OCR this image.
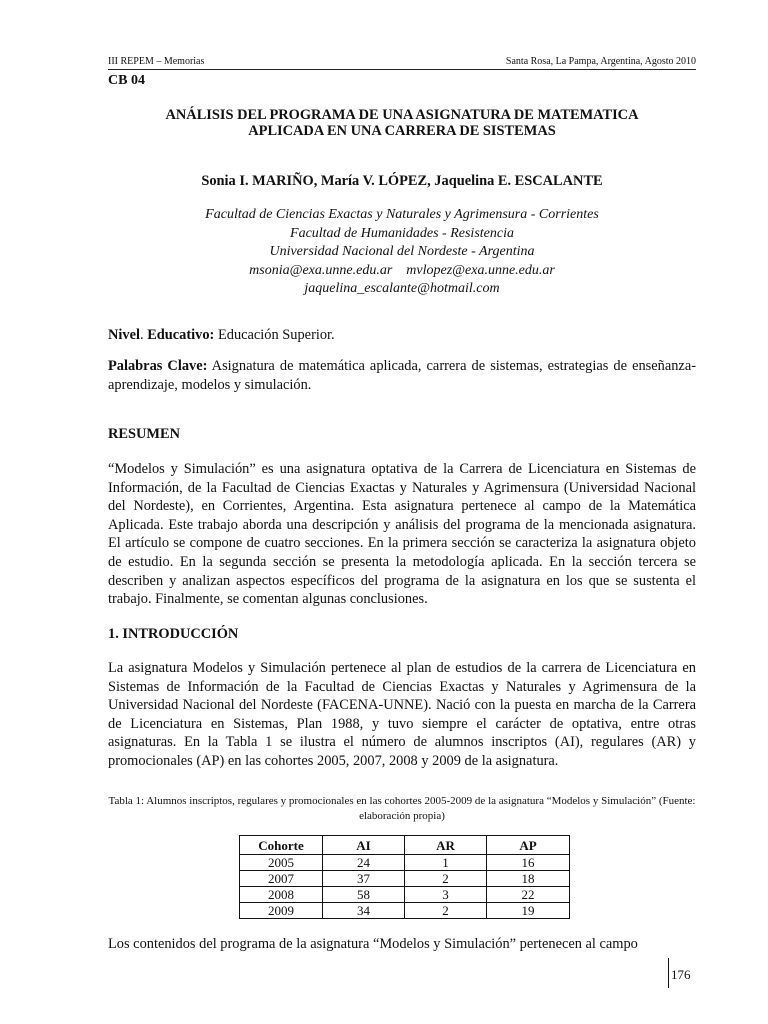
III REPEM – Memorias	Santa Rosa, La Pampa, Argentina, Agosto 2010
CB 04
ANÁLISIS DEL PROGRAMA DE UNA ASIGNATURA DE MATEMATICA
APLICADA EN UNA CARRERA DE SISTEMAS
Sonia I. MARIÑO, María V. LÓPEZ, Jaquelina E. ESCALANTE
Facultad de Ciencias Exactas y Naturales y Agrimensura - Corrientes
Facultad de Humanidades - Resistencia
Universidad Nacional del Nordeste - Argentina
msonia@exa.unne.edu.ar    mvlopez@exa.unne.edu.ar
jaquelina_escalante@hotmail.com
Nivel. Educativo: Educación Superior.
Palabras Clave: Asignatura de matemática aplicada, carrera de sistemas, estrategias de enseñanza-aprendizaje, modelos y simulación.
RESUMEN
“Modelos y Simulación” es una asignatura optativa de la Carrera de Licenciatura en Sistemas de Información, de la Facultad de Ciencias Exactas y Naturales y Agrimensura (Universidad Nacional del Nordeste), en Corrientes, Argentina. Esta asignatura pertenece al campo de la Matemática Aplicada. Este trabajo aborda una descripción y análisis del programa de la mencionada asignatura. El artículo se compone de cuatro secciones. En la primera sección se caracteriza la asignatura objeto de estudio. En la segunda sección se presenta la metodología aplicada. En la sección tercera se describen y analizan aspectos específicos del programa de la asignatura en los que se sustenta el trabajo. Finalmente, se comentan algunas conclusiones.
1. INTRODUCCIÓN
La asignatura Modelos y Simulación pertenece al plan de estudios de la carrera de Licenciatura en Sistemas de Información de la Facultad de Ciencias Exactas y Naturales y Agrimensura de la Universidad Nacional del Nordeste (FACENA-UNNE). Nació con la puesta en marcha de la Carrera de Licenciatura en Sistemas, Plan 1988, y tuvo siempre el carácter de optativa, entre otras asignaturas. En la Tabla 1 se ilustra el número de alumnos inscriptos (AI), regulares (AR) y promocionales (AP) en las cohortes 2005, 2007, 2008 y 2009 de la asignatura.
Tabla 1: Alumnos inscriptos, regulares y promocionales en las cohortes 2005-2009 de la asignatura “Modelos y Simulación” (Fuente: elaboración propia)
Cohorte	AI	AR	AP
2005	24	1	16
2007	37	2	18
2008	58	3	22
2009	34	2	19
Los contenidos del programa de la asignatura “Modelos y Simulación” pertenecen al campo
176
